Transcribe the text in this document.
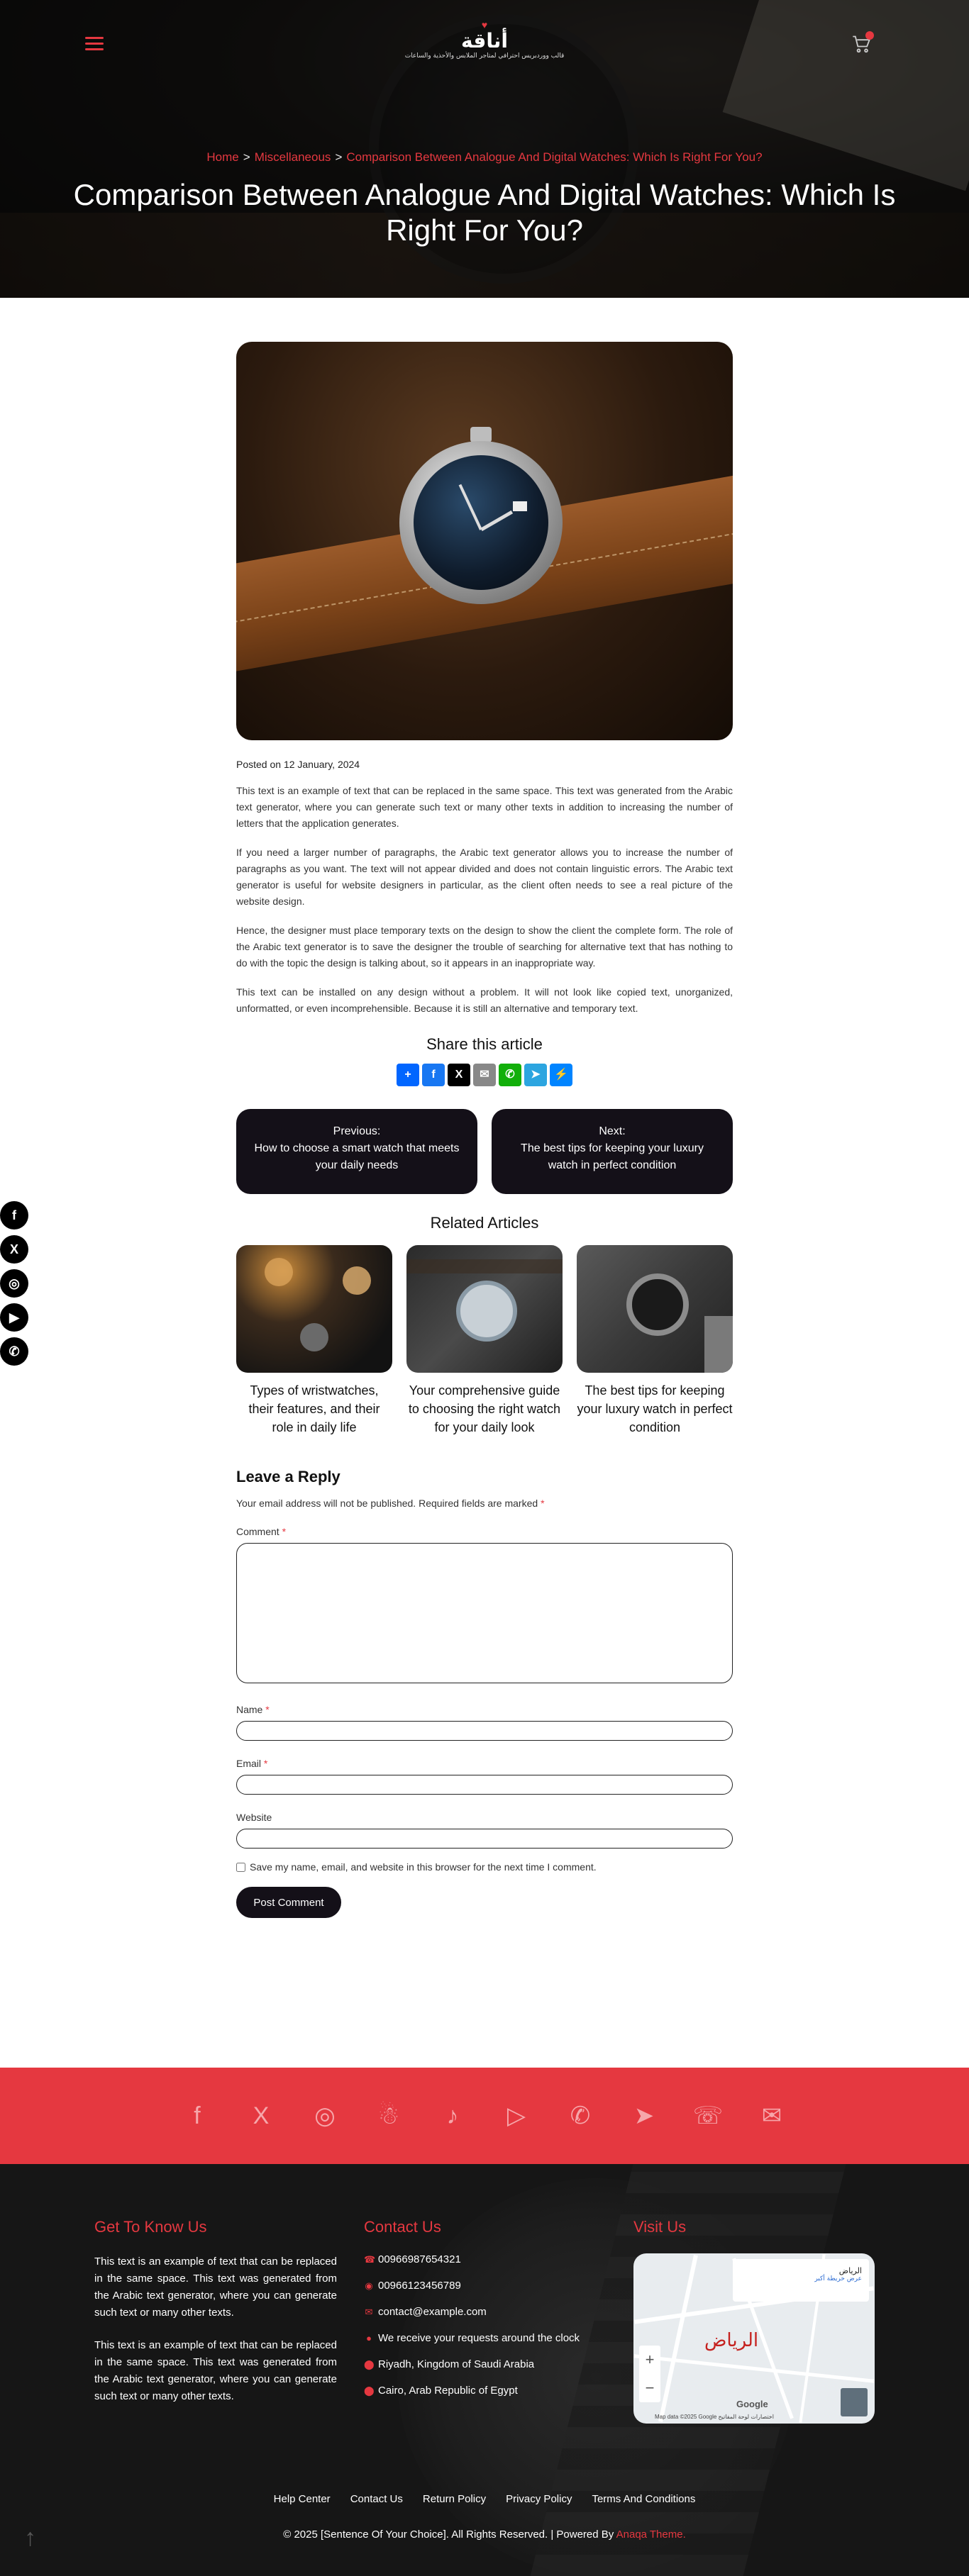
♥
أناقة
قالب ووردبريس احترافي لمتاجر الملابس والأحذية والساعات
Home > Miscellaneous > Comparison Between Analogue And Digital Watches: Which Is Right For You?
Comparison Between Analogue And Digital Watches: Which Is Right For You?
f
X
◎
▶
✆
Posted on 12 January, 2024

This text is an example of text that can be replaced in the same space. This text was generated from the Arabic text generator, where you can generate such text or many other texts in addition to increasing the number of letters that the application generates.

If you need a larger number of paragraphs, the Arabic text generator allows you to increase the number of paragraphs as you want. The text will not appear divided and does not contain linguistic errors. The Arabic text generator is useful for website designers in particular, as the client often needs to see a real picture of the website design.

Hence, the designer must place temporary texts on the design to show the client the complete form. The role of the Arabic text generator is to save the designer the trouble of searching for alternative text that has nothing to do with the topic the design is talking about, so it appears in an inappropriate way.

This text can be installed on any design without a problem. It will not look like copied text, unorganized, unformatted, or even incomprehensible. Because it is still an alternative and temporary text.

Share this article
+	f	X	✉	✆	➤	⚡
Previous:
How to choose a smart watch that meets your daily needs
Next:
The best tips for keeping your luxury watch in perfect condition
Related Articles
Types of wristwatches, their features, and their role in daily life
Your comprehensive guide to choosing the right watch for your daily look
The best tips for keeping your luxury watch in perfect condition
Leave a Reply
Your email address will not be published. Required fields are marked *
Comment *
Name *
Email *
Website
Save my name, email, and website in this browser for the next time I comment.
Post Comment
f	X	◎ ☃	♪	▷ ✆ ➤ ☏ ✉
Get To Know Us

This text is an example of text that can be replaced in the same space. This text was generated from the Arabic text generator, where you can generate such text or many other texts.

This text is an example of text that can be replaced in the same space. This text was generated from the Arabic text generator, where you can generate such text or many other texts.

Contact Us
☎ 00966987654321
◉ 00966123456789
✉ contact@example.com
● We receive your requests around the clock
⬤ Riyadh, Kingdom of Saudi Arabia
⬤ Cairo, Arab Republic of Egypt
Visit Us
الرياض
عرض خريطة أكبر
الرياض
+
−
Google
Map data ©2025 Google اختصارات لوحة المفاتيح
Help Center Contact Us Return Policy Privacy Policy Terms And Conditions
© 2025 [Sentence Of Your Choice]. All Rights Reserved. | Powered By Anaqa Theme.
↑
